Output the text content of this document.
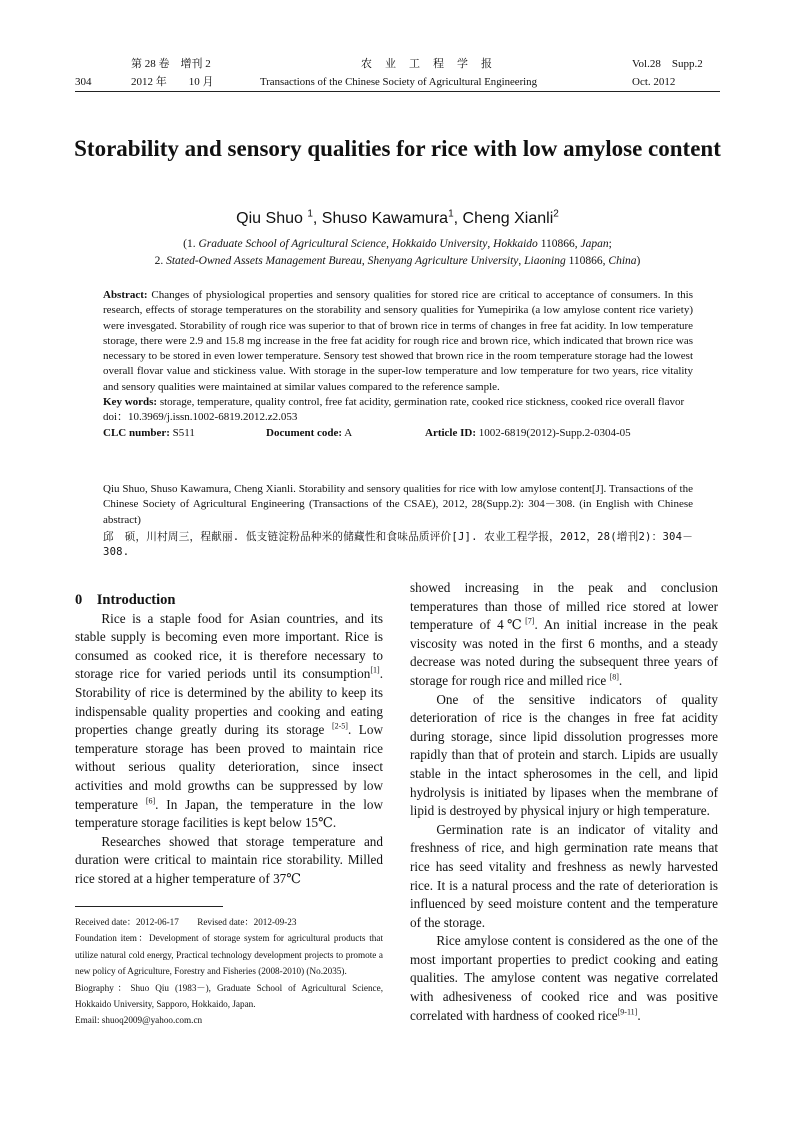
第 28 卷　增刊 2	农　业　工　程　学　报	Vol.28　Supp.2
304	2012 年　　10 月	Transactions of the Chinese Society of Agricultural Engineering	Oct. 2012
Storability and sensory qualities for rice with low amylose content
Qiu Shuo $^1$, Shuso Kawamura$^1$, Cheng Xianli$^2$
(1. Graduate School of Agricultural Science, Hokkaido University, Hokkaido 110866, Japan;
2. Stated-Owned Assets Management Bureau, Shenyang Agriculture University, Liaoning 110866, China)

Abstract: Changes of physiological properties and sensory qualities for stored rice are critical to acceptance of consumers. In this research, effects of storage temperatures on the storability and sensory qualities for Yumepirika (a low amylose content rice variety) were invesgated. Storability of rough rice was superior to that of brown rice in terms of changes in free fat acidity. In low temperature storage, there were 2.9 and 15.8 mg increase in the free fat acidity for rough rice and brown rice, which indicated that brown rice was necessary to be stored in even lower temperature. Sensory test showed that brown rice in the room temperature storage had the lowest overall flovar value and stickiness value. With storage in the super-low temperature and low temperature for two years, rice vitality and sensory qualities were maintained at similar values compared to the reference sample.

Key words: storage, temperature, quality control, free fat acidity, germination rate, cooked rice stickness, cooked rice overall flavor

doi：10.3969/j.issn.1002-6819.2012.z2.053

CLC number: S511	Document code: A	Article ID: 1002-6819(2012)-Supp.2-0304-05

Qiu Shuo, Shuso Kawamura, Cheng Xianli. Storability and sensory qualities for rice with low amylose content[J]. Transactions of the Chinese Society of Agricultural Engineering (Transactions of the CSAE), 2012, 28(Supp.2): 304－308. (in English with Chinese abstract)

邱　硕，川村周三，程献丽. 低支链淀粉品种米的储藏性和食味品质评价[J]. 农业工程学报，2012，28(增刊2)：304－308.

0　 Introduction

Rice is a staple food for Asian countries, and its stable supply is becoming even more important. Rice is consumed as cooked rice, it is therefore necessary to storage rice for varied periods until its consumption[1]. Storability of rice is determined by the ability to keep its indispensable quality properties and cooking and eating properties change greatly during its storage [2-5]. Low temperature storage has been proved to maintain rice without serious quality deterioration, since insect activities and mold growths can be suppressed by low temperature [6]. In Japan, the temperature in the low temperature storage facilities is kept below 15℃.

Researches showed that storage temperature and duration were critical to maintain rice storability. Milled rice stored at a higher temperature of 37℃

showed increasing in the peak and conclusion temperatures than those of milled rice stored at lower temperature of 4℃[7]. An initial increase in the peak viscosity was noted in the first 6 months, and a steady decrease was noted during the subsequent three years of storage for rough rice and milled rice [8].

One of the sensitive indicators of quality deterioration of rice is the changes in free fat acidity during storage, since lipid dissolution progresses more rapidly than that of protein and starch. Lipids are usually stable in the intact spherosomes in the cell, and lipid hydrolysis is initiated by lipases when the membrane of lipid is destroyed by physical injury or high temperature.

Germination rate is an indicator of vitality and freshness of rice, and high germination rate means that rice has seed vitality and freshness as newly harvested rice. It is a natural process and the rate of deterioration is influenced by seed moisture content and the temperature of the storage.

Rice amylose content is considered as the one of the most important properties to predict cooking and eating qualities. The amylose content was negative correlated with adhesiveness of cooked rice and was positive correlated with hardness of cooked rice[9-11].

Received date：2012-06-17　　Revised date：2012-09-23

Foundation item：Development of storage system for agricultural products that utilize natural cold energy, Practical technology development projects to promote a new policy of Agriculture, Forestry and Fisheries (2008-2010) (No.2035).

Biography：Shuo Qiu (1983－), Graduate School of Agricultural Science, Hokkaido University, Sapporo, Hokkaido, Japan.

Email: shuoq2009@yahoo.com.cn
